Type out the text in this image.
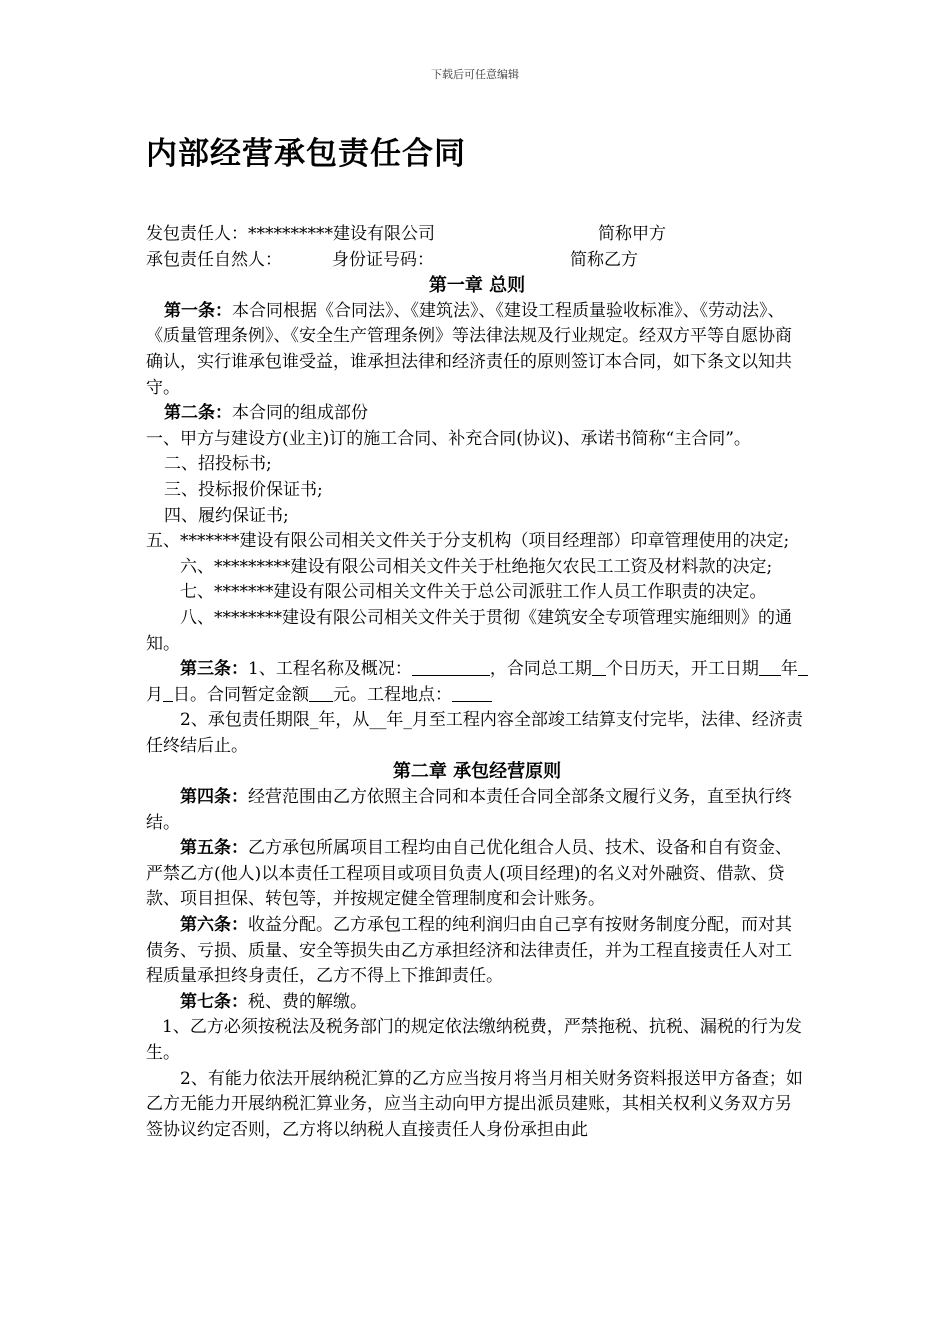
下载后可任意编辑
内部经营承包责任合同
发包责任人：**********建设有限公司	简称甲方
承包责任自然人：	身份证号码：	简称乙方

第一章 总则

第一条：本合同根据《合同法》、《建筑法》、《建设工程质量验收标准》、《劳动法》、《质量管理条例》、《安全生产管理条例》等法律法规及行业规定。经双方平等自愿协商确认，实行谁承包谁受益，谁承担法律和经济责任的原则签订本合同，如下条文以知共守。

第二条：本合同的组成部份

一、甲方与建设方(业主)订的施工合同、补充合同(协议)、承诺书简称“主合同”。

二、招投标书;

三、投标报价保证书;

四、履约保证书;

五、*******建设有限公司相关文件关于分支机构（项目经理部）印章管理使用的决定;

六、*********建设有限公司相关文件关于杜绝拖欠农民工工资及材料款的决定;

七、*******建设有限公司相关文件关于总公司派驻工作人员工作职责的决定。

八、********建设有限公司相关文件关于贯彻《建筑安全专项管理实施细则》的通知。

第三条：1、工程名称及概况：	，合同总工期 个日历天，开工日期 年月 日。合同暂定金额 元。工程地点：

2、承包责任期限_年，从__年_月至工程内容全部竣工结算支付完毕，法律、经济责任终结后止。

第二章 承包经营原则

第四条：经营范围由乙方依照主合同和本责任合同全部条文履行义务，直至执行终结。

第五条：乙方承包所属项目工程均由自己优化组合人员、技术、设备和自有资金、严禁乙方(他人)以本责任工程项目或项目负责人(项目经理)的名义对外融资、借款、贷款、项目担保、转包等，并按规定健全管理制度和会计账务。

第六条：收益分配。乙方承包工程的纯利润归由自己享有按财务制度分配，而对其债务、亏损、质量、安全等损失由乙方承担经济和法律责任，并为工程直接责任人对工程质量承担终身责任，乙方不得上下推卸责任。

第七条：税、费的解缴。

1、乙方必须按税法及税务部门的规定依法缴纳税费，严禁拖税、抗税、漏税的行为发生。

2、有能力依法开展纳税汇算的乙方应当按月将当月相关财务资料报送甲方备查；如乙方无能力开展纳税汇算业务，应当主动向甲方提出派员建账，其相关权利义务双方另签协议约定否则，乙方将以纳税人直接责任人身份承担由此
